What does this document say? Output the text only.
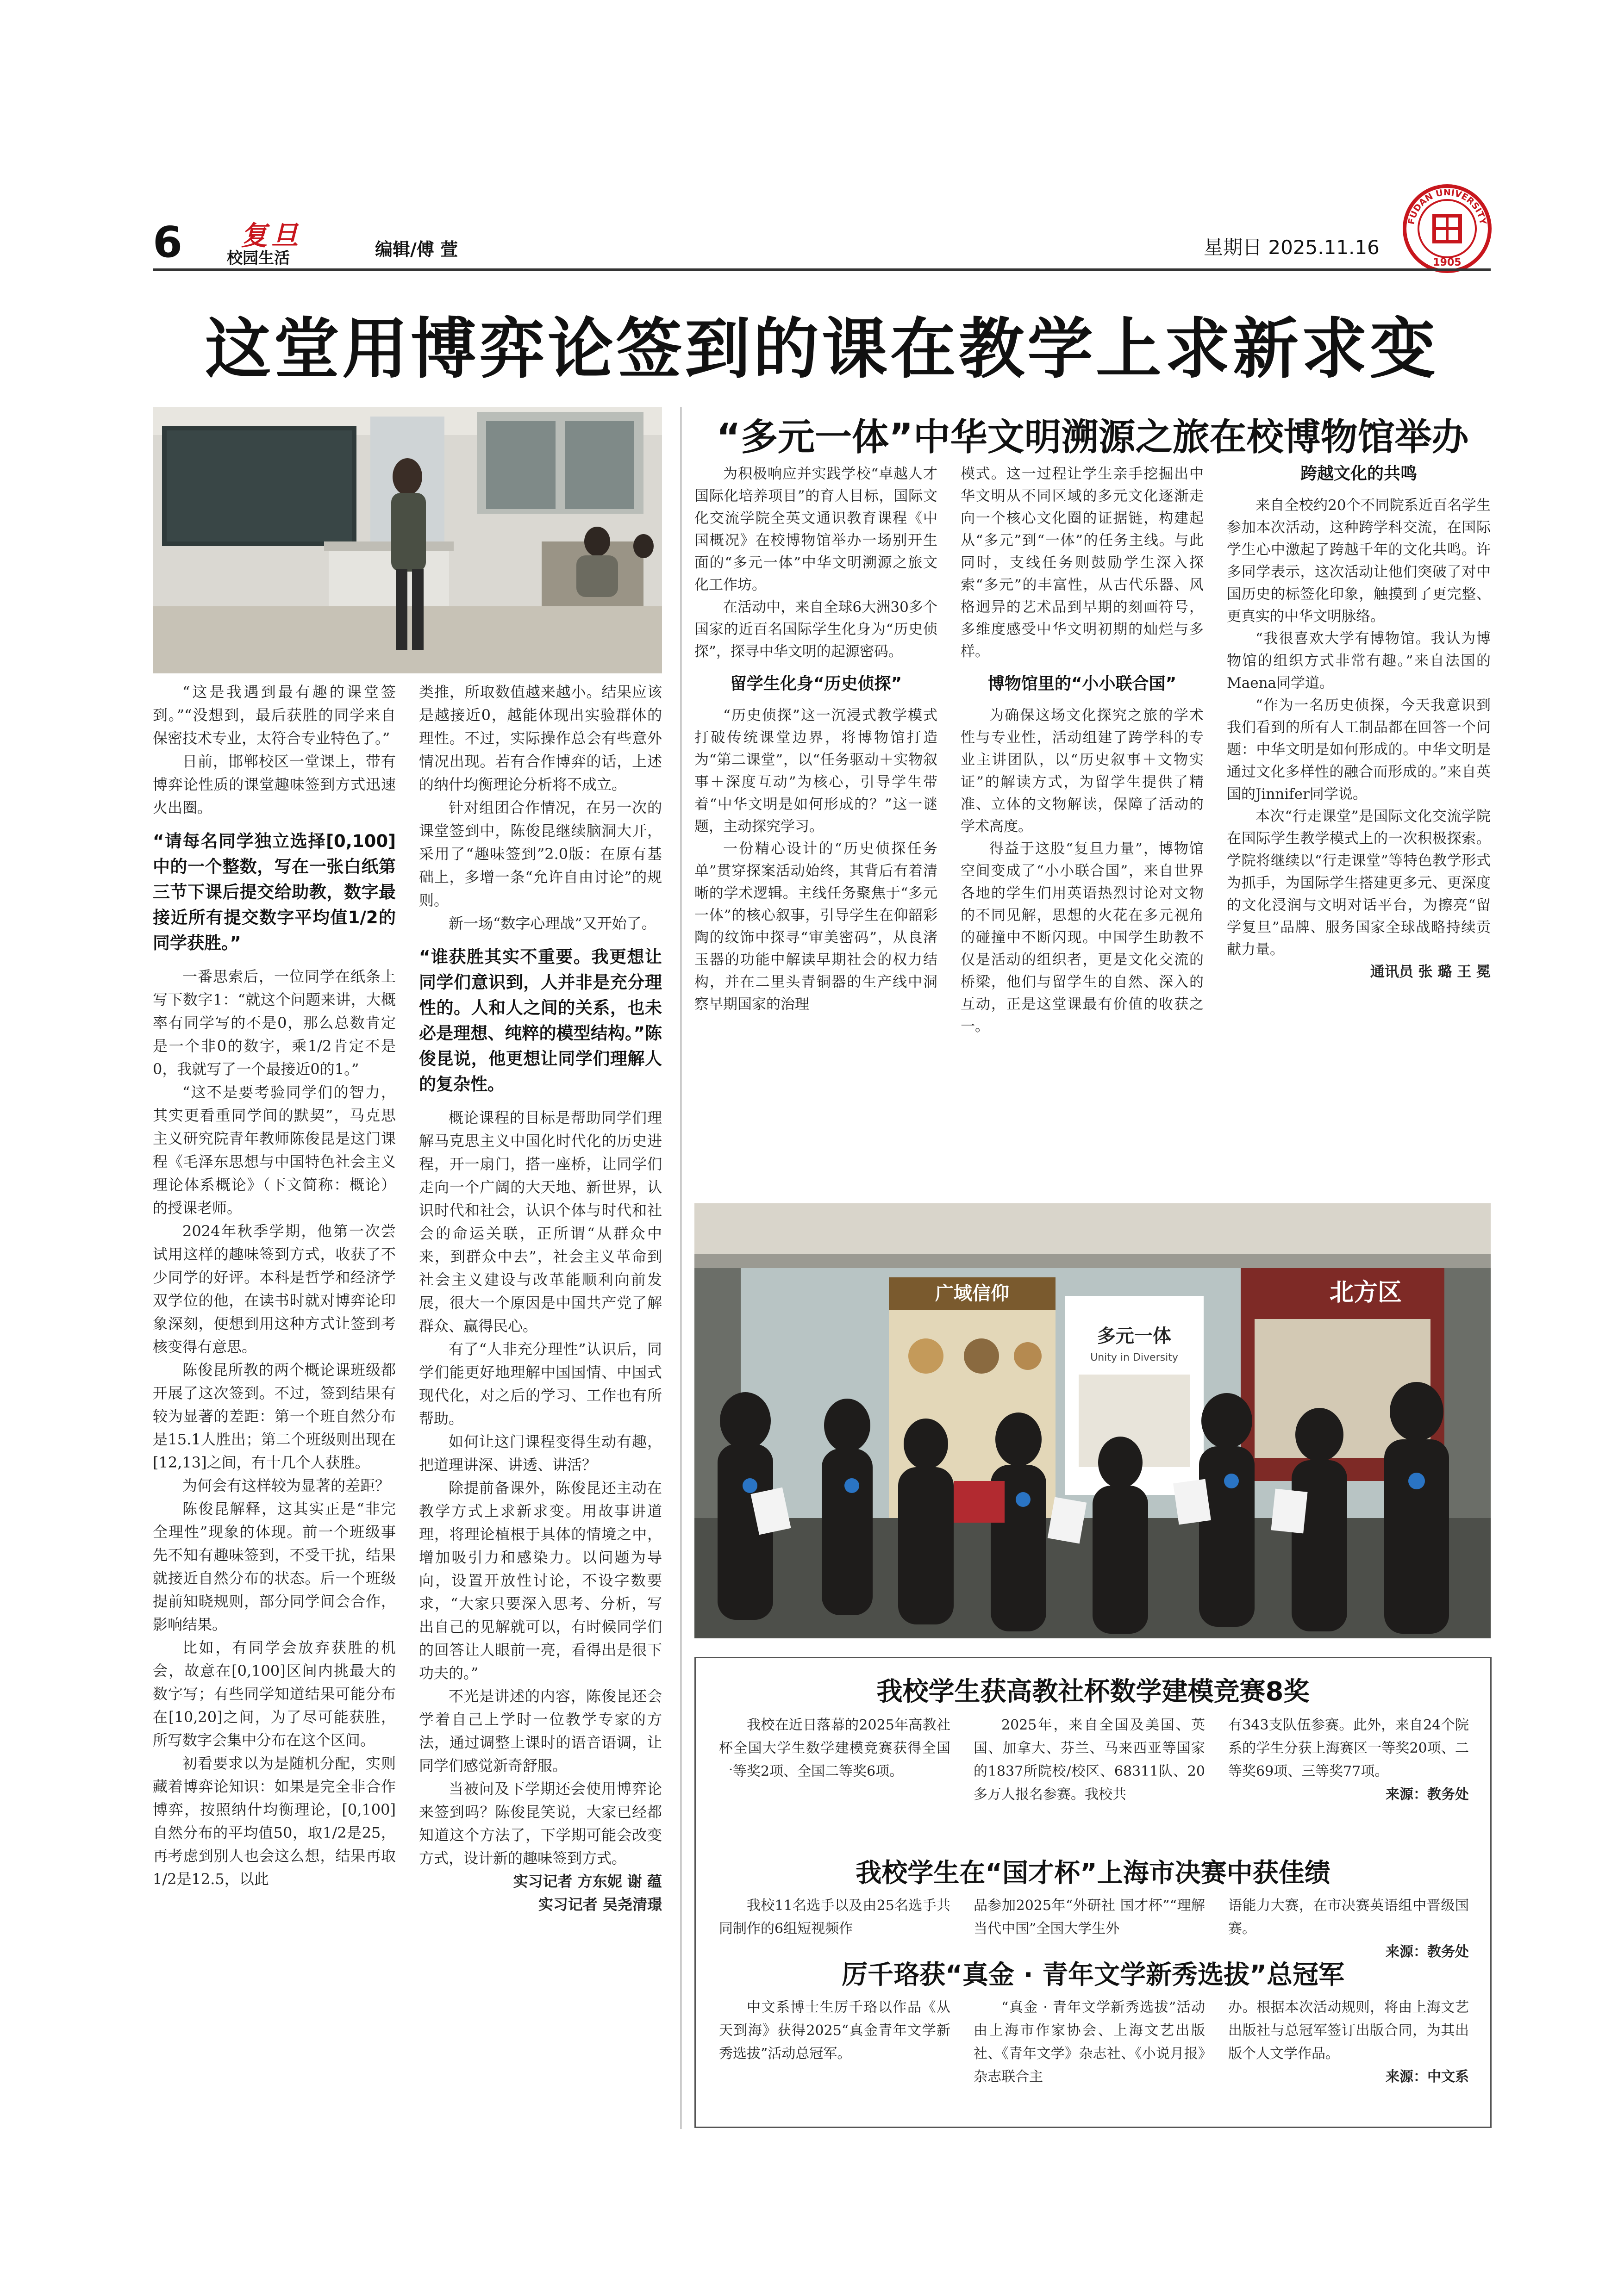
6 复旦
校园生活	编辑/傅 萱	星期日 2025.11.16
FUDAN UNIVERSITY
1905
这堂用博弈论签到的课在教学上求新求变

“这是我遇到最有趣的课堂签到。”“没想到，最后获胜的同学来自保密技术专业，太符合专业特色了。”

日前，邯郸校区一堂课上，带有博弈论性质的课堂趣味签到方式迅速火出圈。

“请每名同学独立选择[0,100]中的一个整数，写在一张白纸第三节下课后提交给助教，数字最接近所有提交数字平均值1/2的同学获胜。”

一番思索后，一位同学在纸条上写下数字1：“就这个问题来讲，大概率有同学写的不是0，那么总数肯定是一个非0的数字，乘1/2肯定不是0，我就写了一个最接近0的1。”

“这不是要考验同学们的智力，其实更看重同学间的默契”，马克思主义研究院青年教师陈俊昆是这门课程《毛泽东思想与中国特色社会主义理论体系概论》（下文简称：概论）的授课老师。

2024年秋季学期，他第一次尝试用这样的趣味签到方式，收获了不少同学的好评。本科是哲学和经济学双学位的他，在读书时就对博弈论印象深刻，便想到用这种方式让签到考核变得有意思。

陈俊昆所教的两个概论课班级都开展了这次签到。不过，签到结果有较为显著的差距：第一个班自然分布是15.1人胜出；第二个班级则出现在[12,13]之间，有十几个人获胜。

为何会有这样较为显著的差距？

陈俊昆解释，这其实正是“非完全理性”现象的体现。前一个班级事先不知有趣味签到，不受干扰，结果就接近自然分布的状态。后一个班级提前知晓规则，部分同学间会合作，影响结果。

比如，有同学会放弃获胜的机会，故意在[0,100]区间内挑最大的数字写；有些同学知道结果可能分布在[10,20]之间，为了尽可能获胜，所写数字会集中分布在这个区间。

初看要求以为是随机分配，实则藏着博弈论知识：如果是完全非合作博弈，按照纳什均衡理论，[0,100]自然分布的平均值50，取1/2是25，再考虑到别人也会这么想，结果再取1/2是12.5，以此

类推，所取数值越来越小。结果应该是越接近0，越能体现出实验群体的理性。不过，实际操作总会有些意外情况出现。若有合作博弈的话，上述的纳什均衡理论分析将不成立。

针对组团合作情况，在另一次的课堂签到中，陈俊昆继续脑洞大开，采用了“趣味签到”2.0版：在原有基础上，多增一条“允许自由讨论”的规则。

新一场“数字心理战”又开始了。

“谁获胜其实不重要。我更想让同学们意识到，人并非是充分理性的。人和人之间的关系，也未必是理想、纯粹的模型结构。”陈俊昆说，他更想让同学们理解人的复杂性。

概论课程的目标是帮助同学们理解马克思主义中国化时代化的历史进程，开一扇门，搭一座桥，让同学们走向一个广阔的大天地、新世界，认识时代和社会，认识个体与时代和社会的命运关联，正所谓“从群众中来，到群众中去”，社会主义革命到社会主义建设与改革能顺利向前发展，很大一个原因是中国共产党了解群众、赢得民心。

有了“人非充分理性”认识后，同学们能更好地理解中国国情、中国式现代化，对之后的学习、工作也有所帮助。

如何让这门课程变得生动有趣，把道理讲深、讲透、讲活？

除提前备课外，陈俊昆还主动在教学方式上求新求变。用故事讲道理，将理论植根于具体的情境之中，增加吸引力和感染力。以问题为导向，设置开放性讨论，不设字数要求，“大家只要深入思考、分析，写出自己的见解就可以，有时候同学们的回答让人眼前一亮，看得出是很下功夫的。”

不光是讲述的内容，陈俊昆还会学着自己上学时一位教学专家的方法，通过调整上课时的语音语调，让同学们感觉新奇舒服。

当被问及下学期还会使用博弈论来签到吗？陈俊昆笑说，大家已经都知道这个方法了，下学期可能会改变方式，设计新的趣味签到方式。

实习记者 方东妮 谢 蕴

实习记者 吴尧清璟

“多元一体”中华文明溯源之旅在校博物馆举办

为积极响应并实践学校“卓越人才国际化培养项目”的育人目标，国际文化交流学院全英文通识教育课程《中国概况》在校博物馆举办一场别开生面的“多元一体”中华文明溯源之旅文化工作坊。

在活动中，来自全球6大洲30多个国家的近百名国际学生化身为“历史侦探”，探寻中华文明的起源密码。

留学生化身“历史侦探”

“历史侦探”这一沉浸式教学模式打破传统课堂边界，将博物馆打造为“第二课堂”，以“任务驱动＋实物叙事＋深度互动”为核心，引导学生带着“中华文明是如何形成的？”这一谜题，主动探究学习。

一份精心设计的“历史侦探任务单”贯穿探案活动始终，其背后有着清晰的学术逻辑。主线任务聚焦于“多元一体”的核心叙事，引导学生在仰韶彩陶的纹饰中探寻“审美密码”，从良渚玉器的功能中解读早期社会的权力结构，并在二里头青铜器的生产线中洞察早期国家的治理

模式。这一过程让学生亲手挖掘出中华文明从不同区域的多元文化逐渐走向一个核心文化圈的证据链，构建起从“多元”到“一体”的任务主线。与此同时，支线任务则鼓励学生深入探索“多元”的丰富性，从古代乐器、风格迥异的艺术品到早期的刻画符号，多维度感受中华文明初期的灿烂与多样。

博物馆里的“小小联合国”

为确保这场文化探究之旅的学术性与专业性，活动组建了跨学科的专业主讲团队，以“历史叙事＋文物实证”的解读方式，为留学生提供了精准、立体的文物解读，保障了活动的学术高度。

得益于这股“复旦力量”，博物馆空间变成了“小小联合国”，来自世界各地的学生们用英语热烈讨论对文物的不同见解，思想的火花在多元视角的碰撞中不断闪现。中国学生助教不仅是活动的组织者，更是文化交流的桥梁，他们与留学生的自然、深入的互动，正是这堂课最有价值的收获之一。

跨越文化的共鸣

来自全校约20个不同院系近百名学生参加本次活动，这种跨学科交流，在国际学生心中激起了跨越千年的文化共鸣。许多同学表示，这次活动让他们突破了对中国历史的标签化印象，触摸到了更完整、更真实的中华文明脉络。

“我很喜欢大学有博物馆。我认为博物馆的组织方式非常有趣。”来自法国的Maena同学道。

“作为一名历史侦探，今天我意识到我们看到的所有人工制品都在回答一个问题：中华文明是如何形成的。中华文明是通过文化多样性的融合而形成的。”来自英国的Jinnifer同学说。

本次“行走课堂”是国际文化交流学院在国际学生教学模式上的一次积极探索。学院将继续以“行走课堂”等特色教学形式为抓手，为国际学生搭建更多元、更深度的文化浸润与文明对话平台，为擦亮“留学复旦”品牌、服务国家全球战略持续贡献力量。

通讯员 张 璐 王 冕

广域信仰
多元一体
Unity in Diversity
北方区
我校学生获高教社杯数学建模竞赛8奖

我校在近日落幕的2025年高教社杯全国大学生数学建模竞赛获得全国一等奖2项、全国二等奖6项。

2025年，来自全国及美国、英国、加拿大、芬兰、马来西亚等国家的1837所院校/校区、68311队、20多万人报名参赛。我校共

有343支队伍参赛。此外，来自24个院系的学生分获上海赛区一等奖20项、二等奖69项、三等奖77项。

来源：教务处
我校学生在“国才杯”上海市决赛中获佳绩

我校11名选手以及由25名选手共同制作的6组短视频作

品参加2025年“外研社 国才杯”“理解当代中国”全国大学生外

语能力大赛，在市决赛英语组中晋级国赛。

来源：教务处
厉千珞获“真金 · 青年文学新秀选拔”总冠军

中文系博士生厉千珞以作品《从天到海》获得2025“真金青年文学新秀选拔”活动总冠军。

“真金 · 青年文学新秀选拔”活动由上海市作家协会、上海文艺出版社、《青年文学》杂志社、《小说月报》杂志联合主

办。根据本次活动规则，将由上海文艺出版社与总冠军签订出版合同，为其出版个人文学作品。

来源：中文系
